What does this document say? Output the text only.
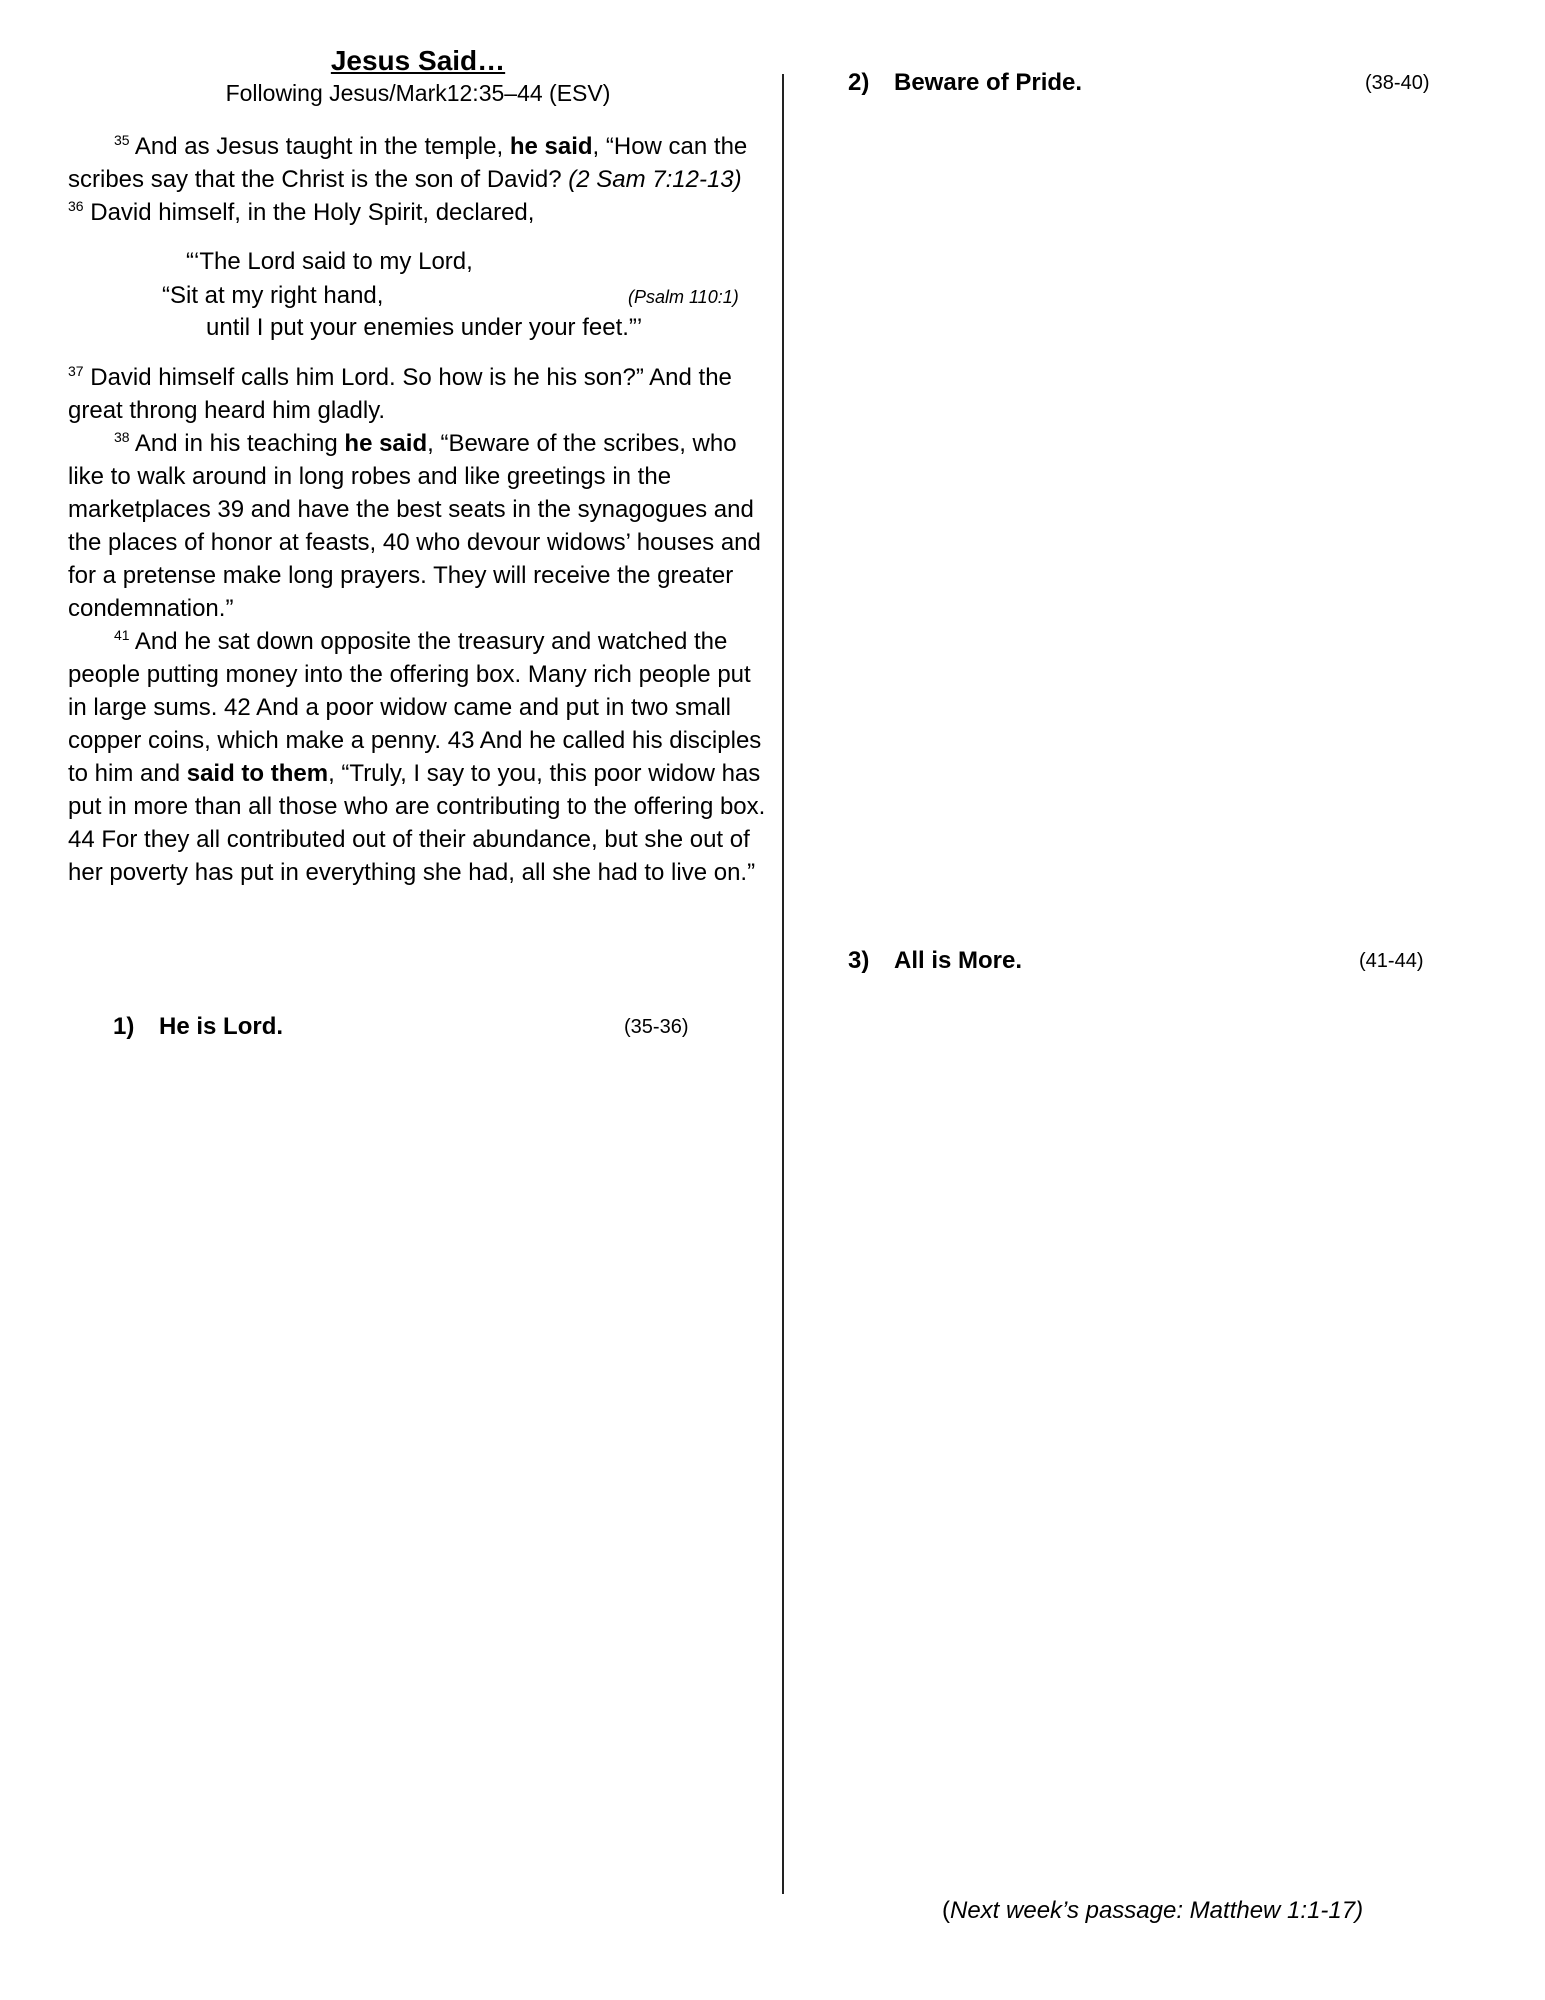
Jesus Said…

Following Jesus/Mark12:35–44 (ESV)

$^{35}$ And as Jesus taught in the temple, he said, “How can the scribes say that the Christ is the son of David? (2 Sam 7:12-13)

$^{36}$ David himself, in the Holy Spirit, declared,

“‘The Lord said to my Lord,
“Sit at my right hand,
until I put your enemies under your feet.”’
(Psalm 110:1)

$^{37}$ David himself calls him Lord. So how is he his son?” And the great throng heard him gladly.

$^{38}$ And in his teaching he said, “Beware of the scribes, who like to walk around in long robes and like greetings in the marketplaces 39 and have the best seats in the synagogues and the places of honor at feasts, 40 who devour widows’ houses and for a pretense make long prayers. They will receive the greater condemnation.”

$^{41}$ And he sat down opposite the treasury and watched the people putting money into the offering box. Many rich people put in large sums. 42 And a poor widow came and put in two small copper coins, which make a penny. 43 And he called his disciples to him and said to them, “Truly, I say to you, this poor widow has put in more than all those who are contributing to the offering box. 44 For they all contributed out of their abundance, but she out of her poverty has put in everything she had, all she had to live on.”

1) He is Lord.	(35-36)
2) Beware of Pride.	(38-40)
3) All is More.	(41-44)
(Next week’s passage: Matthew 1:1-17)
